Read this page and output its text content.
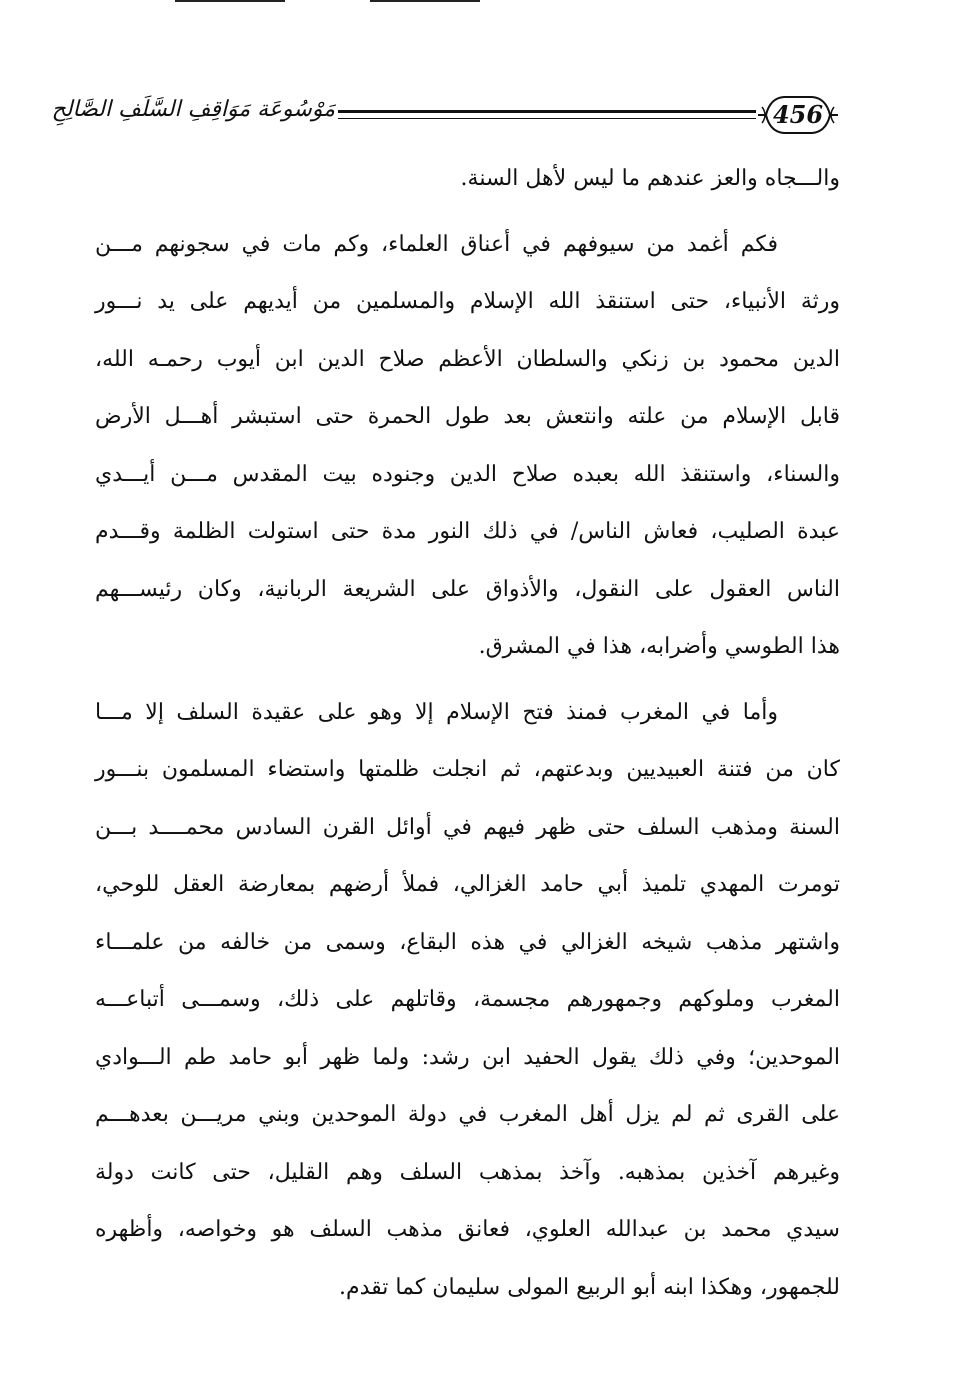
مَوْسُوعَة مَوَاقِفِ السَّلَفِ الصَّالِحِ	456
والـــجاه والعز عندهم ما ليس لأهل السنة.
فكم أغمد من سيوفهم في أعناق العلماء، وكم مات في سجونهم مـــن
ورثة الأنبياء، حتى استنقذ الله الإسلام والمسلمين من أيديهم على يد نـــور
الدين محمود بن زنكي والسلطان الأعظم صلاح الدين ابن أيوب رحمـه الله،
قابل الإسلام من علته وانتعش بعد طول الحمرة حتى استبشر أهـــل الأرض
والسناء، واستنقذ الله بعبده صلاح الدين وجنوده بيت المقدس مـــن أيـــدي
عبدة الصليب، فعاش الناس/ في ذلك النور مدة حتى استولت الظلمة وقـــدم
الناس العقول على النقول، والأذواق على الشريعة الربانية، وكان رئيســـهم
هذا الطوسي وأضرابه، هذا في المشرق.
وأما في المغرب فمنذ فتح الإسلام إلا وهو على عقيدة السلف إلا مـــا
كان من فتنة العبيديين وبدعتهم، ثم انجلت ظلمتها واستضاء المسلمون بنـــور
السنة ومذهب السلف حتى ظهر فيهم في أوائل القرن السادس محمــــد بـــن
تومرت المهدي تلميذ أبي حامد الغزالي، فملأ أرضهم بمعارضة العقل للوحي،
واشتهر مذهب شيخه الغزالي في هذه البقاع، وسمى من خالفه من علمـــاء
المغرب وملوكهم وجمهورهم مجسمة، وقاتلهم على ذلك، وسمـــى أتباعـــه
الموحدين؛ وفي ذلك يقول الحفيد ابن رشد: ولما ظهر أبو حامد طم الـــوادي
على القرى ثم لم يزل أهل المغرب في دولة الموحدين وبني مريـــن بعدهـــم
وغيرهم آخذين بمذهبه. وآخذ بمذهب السلف وهم القليل، حتى كانت دولة
سيدي محمد بن عبدالله العلوي، فعانق مذهب السلف هو وخواصه، وأظهره
للجمهور، وهكذا ابنه أبو الربيع المولى سليمان كما تقدم.
